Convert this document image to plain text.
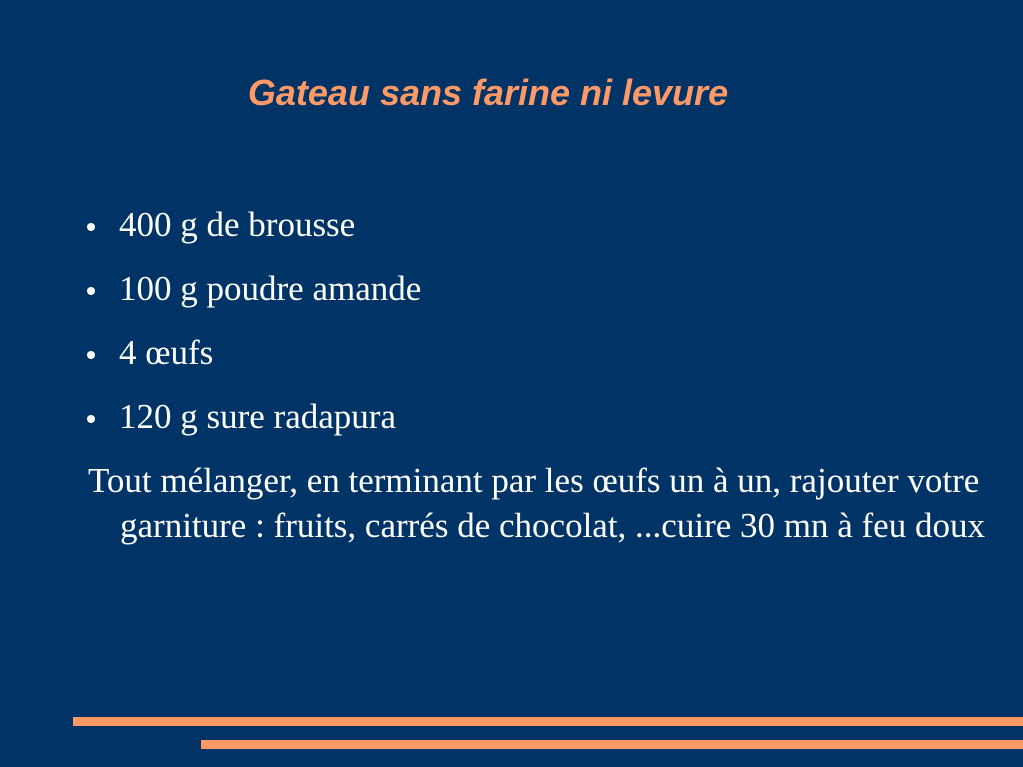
Gateau sans farine ni levure
400 g de brousse
100 g poudre amande
4 œufs
120 g sure radapura

Tout mélanger, en terminant par les œufs un à un, rajouter votre garniture : fruits, carrés de chocolat, ...cuire 30 mn à feu doux
